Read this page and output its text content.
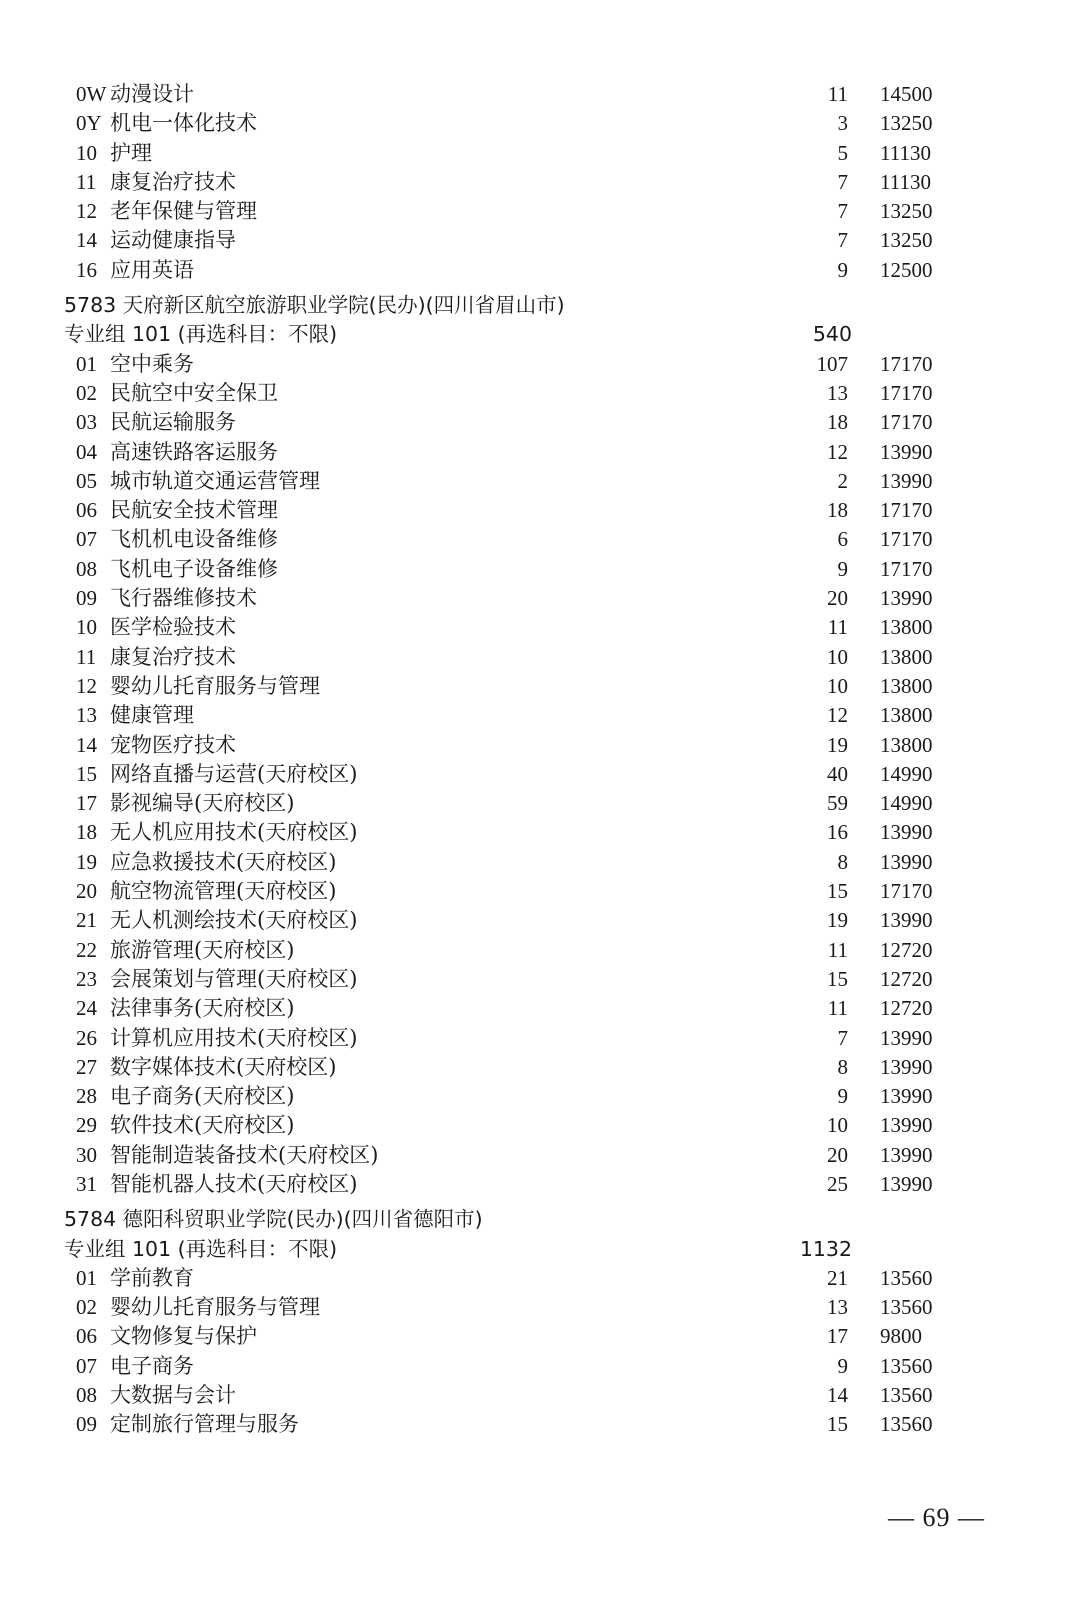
0W 动漫设计	11 14500
0Y 机电一体化技术	3 13250
10 护理	5 11130
11 康复治疗技术	7 11130
12 老年保健与管理	7 13250
14 运动健康指导	7 13250
16 应用英语	9 12500
5783 天府新区航空旅游职业学院(民办)(四川省眉山市)
专业组 101 (再选科目：不限)	540
01 空中乘务	107 17170
02 民航空中安全保卫	13 17170
03 民航运输服务	18 17170
04 高速铁路客运服务	12 13990
05 城市轨道交通运营管理	2 13990
06 民航安全技术管理	18 17170
07 飞机机电设备维修	6 17170
08 飞机电子设备维修	9 17170
09 飞行器维修技术	20 13990
10 医学检验技术	11 13800
11 康复治疗技术	10 13800
12 婴幼儿托育服务与管理	10 13800
13 健康管理	12 13800
14 宠物医疗技术	19 13800
15 网络直播与运营(天府校区)	40 14990
17 影视编导(天府校区)	59 14990
18 无人机应用技术(天府校区)	16 13990
19 应急救援技术(天府校区)	8 13990
20 航空物流管理(天府校区)	15 17170
21 无人机测绘技术(天府校区)	19 13990
22 旅游管理(天府校区)	11 12720
23 会展策划与管理(天府校区)	15 12720
24 法律事务(天府校区)	11 12720
26 计算机应用技术(天府校区)	7 13990
27 数字媒体技术(天府校区)	8 13990
28 电子商务(天府校区)	9 13990
29 软件技术(天府校区)	10 13990
30 智能制造装备技术(天府校区)	20 13990
31 智能机器人技术(天府校区)	25 13990
5784 德阳科贸职业学院(民办)(四川省德阳市)
专业组 101 (再选科目：不限)	1132
01 学前教育	21 13560
02 婴幼儿托育服务与管理	13 13560
06 文物修复与保护	17 9800
07 电子商务	9 13560
08 大数据与会计	14 13560
09 定制旅行管理与服务	15 13560
— 69 —
